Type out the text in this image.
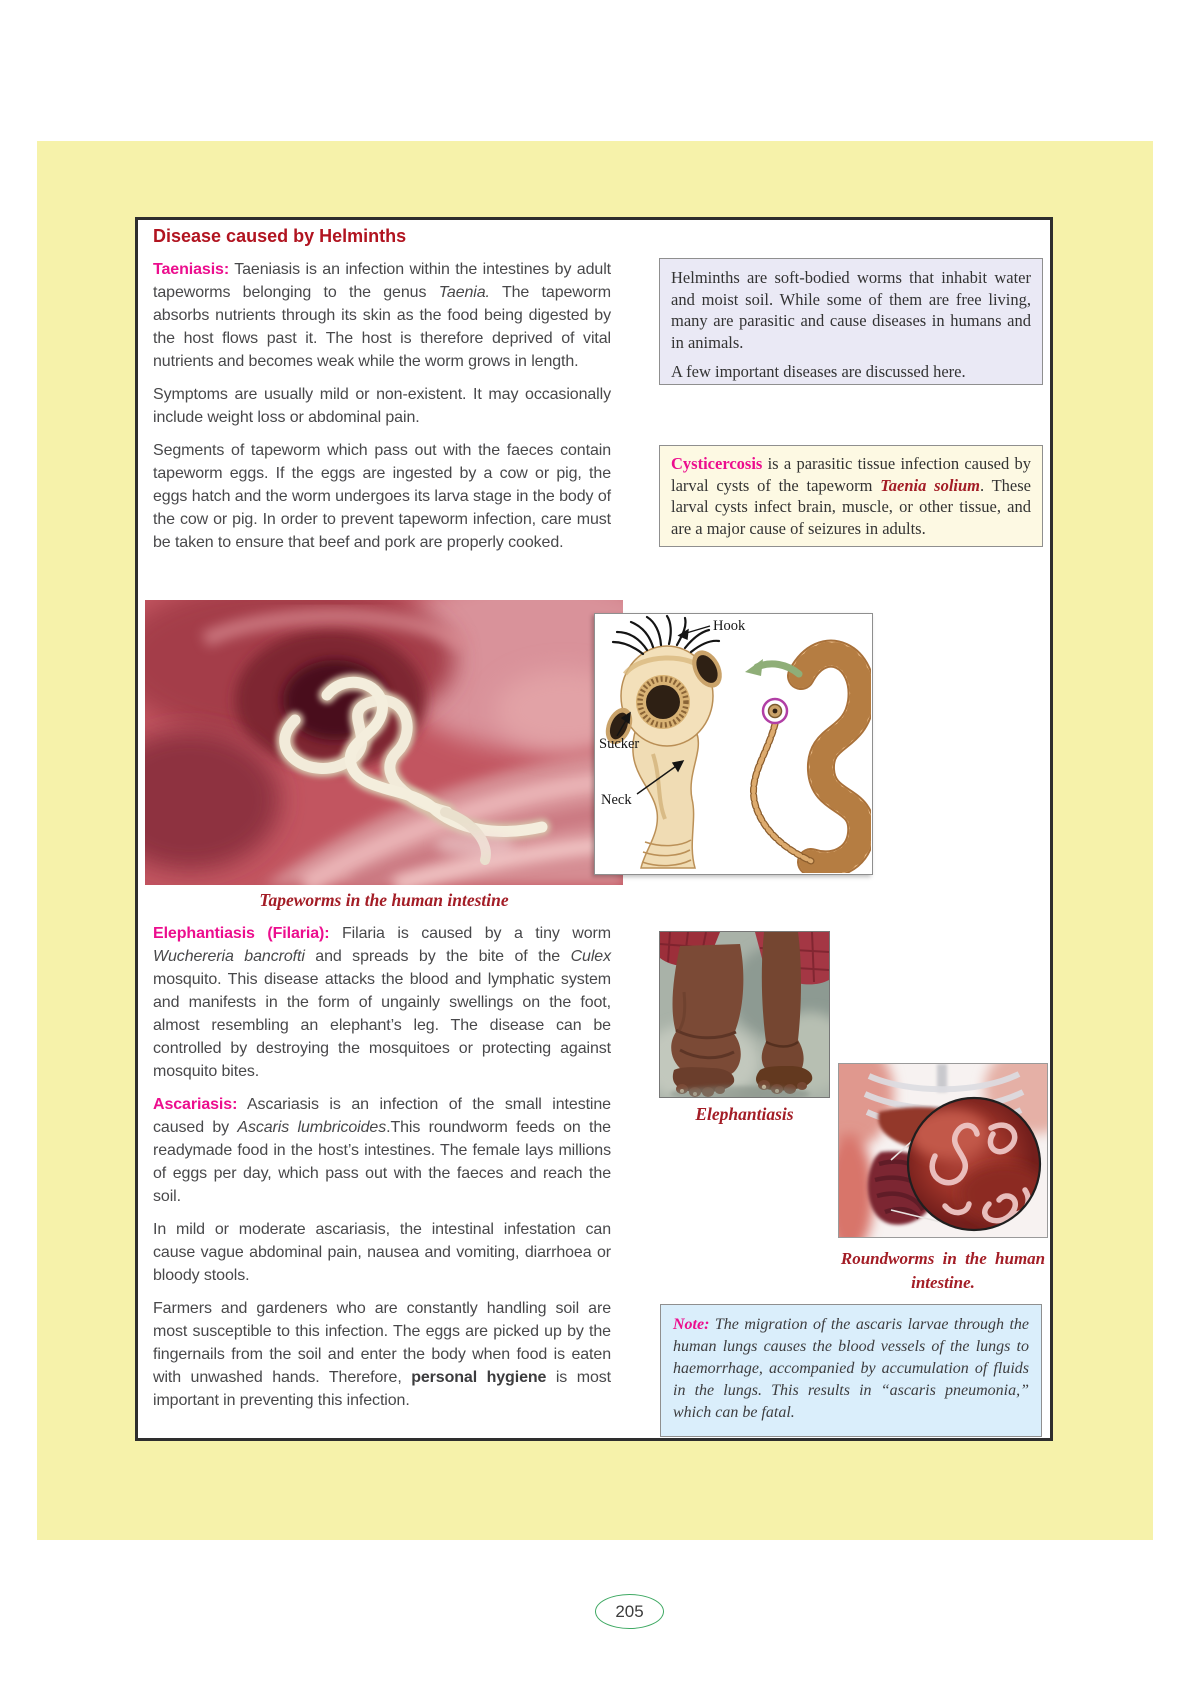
Disease caused by Helminths

Taeniasis: Taeniasis is an infection within the intestines by adult tapeworms belonging to the genus Taenia. The tapeworm absorbs nutrients through its skin as the food being digested by the host flows past it. The host is therefore deprived of vital nutrients and becomes weak while the worm grows in length.

Symptoms are usually mild or non-existent. It may occasionally include weight loss or abdominal pain.

Segments of tapeworm which pass out with the faeces contain tapeworm eggs. If the eggs are ingested by a cow or pig, the eggs hatch and the worm undergoes its larva stage in the body of the cow or pig. In order to prevent tapeworm infection, care must be taken to ensure that beef and pork are properly cooked.

Hook
Sucker
Neck
Tapeworms in the human intestine

Elephantiasis (Filaria): Filaria is caused by a tiny worm Wuchereria bancrofti and spreads by the bite of the Culex mosquito. This disease attacks the blood and lymphatic system and manifests in the form of ungainly swellings on the foot, almost resembling an elephant’s leg. The disease can be controlled by destroying the mosquitoes or protecting against mosquito bites.

Ascariasis: Ascariasis is an infection of the small intestine caused by Ascaris lumbricoides.This roundworm feeds on the readymade food in the host’s intestines. The female lays millions of eggs per day, which pass out with the faeces and reach the soil.

In mild or moderate ascariasis, the intestinal infestation can cause vague abdominal pain, nausea and vomiting, diarrhoea or bloody stools.

Farmers and gardeners who are constantly handling soil are most susceptible to this infection. The eggs are picked up by the fingernails from the soil and enter the body when food is eaten with unwashed hands. Therefore, personal hygiene is most important in preventing this infection.

Helminths are soft-bodied worms that inhabit water and moist soil. While some of them are free living, many are parasitic and cause diseases in humans and in animals.

A few important diseases are discussed here.

Cysticercosis is a parasitic tissue infection caused by larval cysts of the tapeworm Taenia solium. These larval cysts infect brain, muscle, or other tissue, and are a major cause of seizures in adults.
Elephantiasis
Roundworms in the human intestine.
Note: The migration of the ascaris larvae through the human lungs causes the blood vessels of the lungs to haemorrhage, accompanied by accumulation of fluids in the lungs. This results in “ascaris pneumonia,” which can be fatal.
205
